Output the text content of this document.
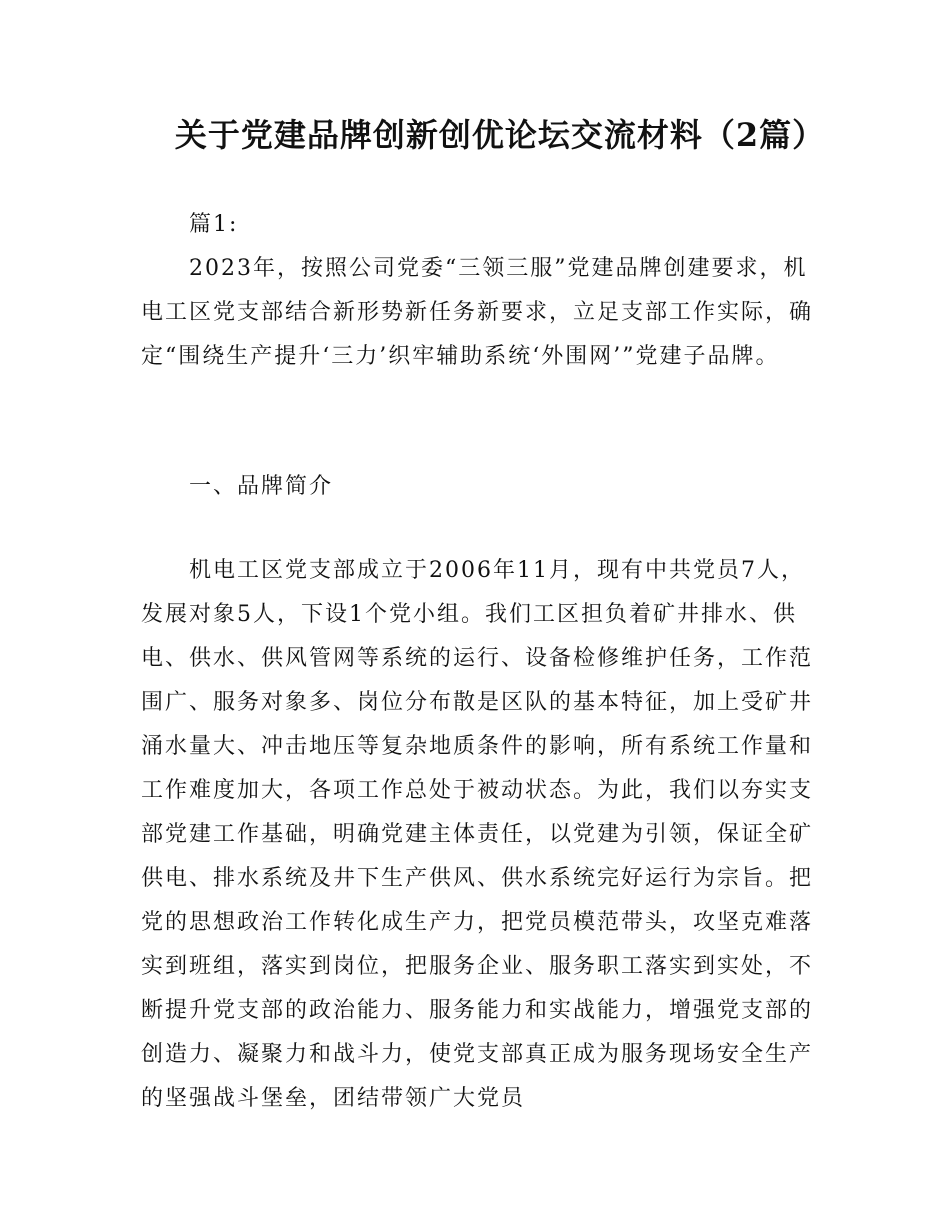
关于党建品牌创新创优论坛交流材料（2篇）

篇1:

2023年，按照公司党委“三领三服”党建品牌创建要求，机电工区党支部结合新形势新任务新要求，立足支部工作实际，确定“围绕生产提升‘三力’织牢辅助系统‘外围网’”党建子品牌。

一、品牌简介

机电工区党支部成立于2006年11月，现有中共党员7人，发展对象5人，下设1个党小组。我们工区担负着矿井排水、供电、供水、供风管网等系统的运行、设备检修维护任务，工作范围广、服务对象多、岗位分布散是区队的基本特征，加上受矿井涌水量大、冲击地压等复杂地质条件的影响，所有系统工作量和工作难度加大，各项工作总处于被动状态。为此，我们以夯实支部党建工作基础，明确党建主体责任，以党建为引领，保证全矿供电、排水系统及井下生产供风、供水系统完好运行为宗旨。把党的思想政治工作转化成生产力，把党员模范带头，攻坚克难落实到班组，落实到岗位，把服务企业、服务职工落实到实处，不断提升党支部的政治能力、服务能力和实战能力，增强党支部的创造力、凝聚力和战斗力，使党支部真正成为服务现场安全生产的坚强战斗堡垒，团结带领广大党员
